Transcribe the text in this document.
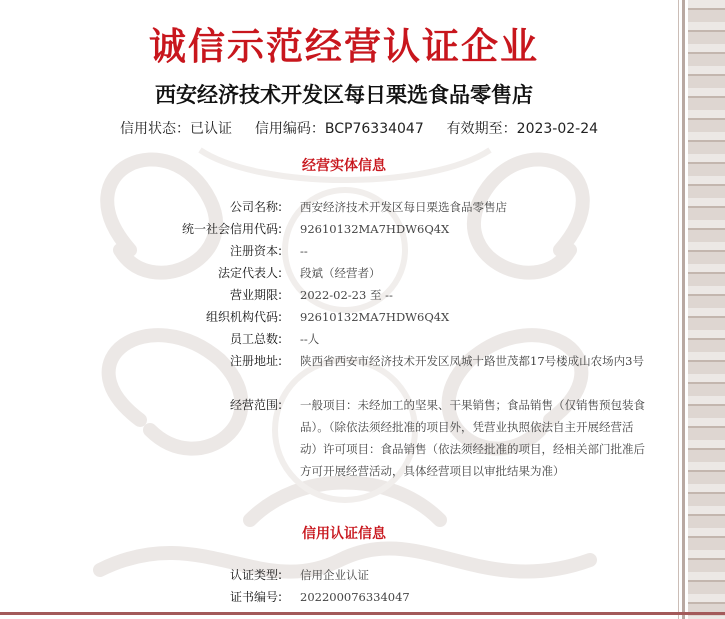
诚信示范经营认证企业
西安经济技术开发区每日栗选食品零售店
信用状态：已认证 信用编码：BCP76334047 有效期至：2023-02-24
经营实体信息
公司名称: 西安经济技术开发区每日栗选食品零售店
统一社会信用代码: 92610132MA7HDW6Q4X
注册资本: --
法定代表人: 段斌（经营者）
营业期限: 2022-02-23 至 --
组织机构代码: 92610132MA7HDW6Q4X
员工总数: --人
注册地址: 陕西省西安市经济技术开发区凤城十路世茂都17号楼成山农场内3号
经营范围: 一般项目：未经加工的坚果、干果销售；食品销售（仅销售预包装食品）。（除依法须经批准的项目外，凭营业执照依法自主开展经营活动）许可项目：食品销售（依法须经批准的项目，经相关部门批准后方可开展经营活动，具体经营项目以审批结果为准）
信用认证信息
认证类型: 信用企业认证
证书编号: 202200076334047
